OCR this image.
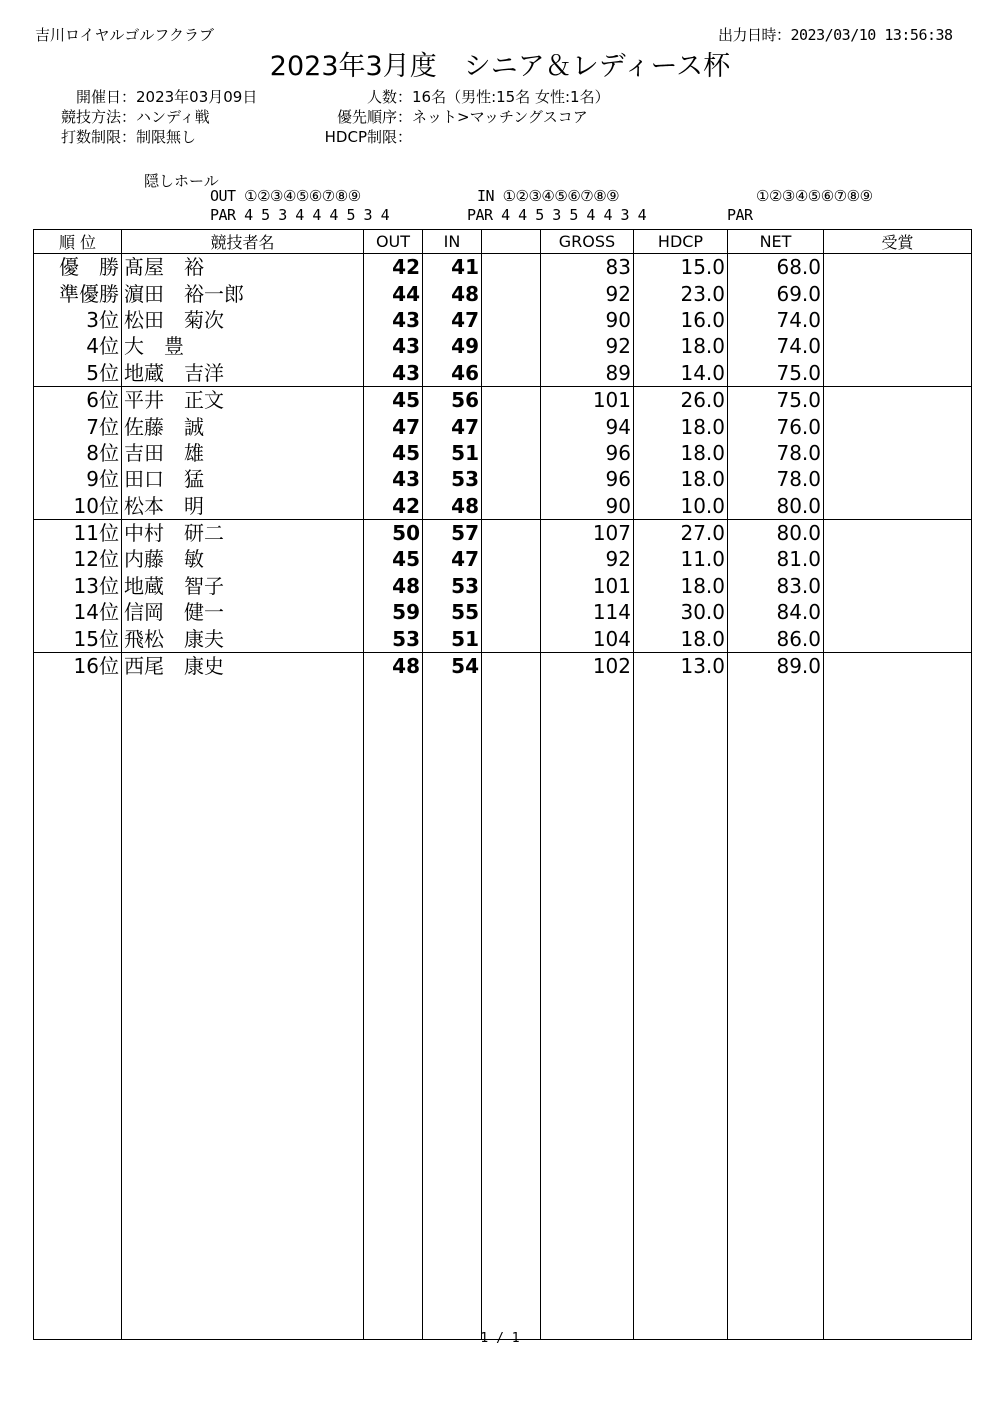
吉川ロイヤルゴルフクラブ	出力日時：2023/03/10 13:56:38
2023年3月度　シニア＆レディース杯
開催日：2023年03月09日
競技方法：ハンディ戦
打数制限：制限無し
人数：16名（男性:15名 女性:1名）
優先順序：ネット>マッチングスコア
HDCP制限：
隠しホール
OUT ①②③④⑤⑥⑦⑧⑨
PAR 4 5 3 4 4 4 5 3 4
IN ①②③④⑤⑥⑦⑧⑨
PAR 4 4 5 3 5 4 4 3 4
①②③④⑤⑥⑦⑧⑨
PAR
順 位	競技者名	OUT	IN		GROSS	HDCP	NET	受賞
優　勝	髙屋　裕	42	41		83	15.0	68.0	
準優勝	濵田　裕一郎	44	48		92	23.0	69.0	
3位	松田　菊次	43	47		90	16.0	74.0	
4位	大　豊	43	49		92	18.0	74.0	
5位	地蔵　吉洋	43	46		89	14.0	75.0	
6位	平井　正文	45	56		101	26.0	75.0	
7位	佐藤　誠	47	47		94	18.0	76.0	
8位	吉田　雄	45	51		96	18.0	78.0	
9位	田口　猛	43	53		96	18.0	78.0	
10位	松本　明	42	48		90	10.0	80.0	
11位	中村　研二	50	57		107	27.0	80.0	
12位	内藤　敏	45	47		92	11.0	81.0	
13位	地蔵　智子	48	53		101	18.0	83.0	
14位	信岡　健一	59	55		114	30.0	84.0	
15位	飛松　康夫	53	51		104	18.0	86.0	
16位	西尾　康史	48	54		102	13.0	89.0	

1 / 1
